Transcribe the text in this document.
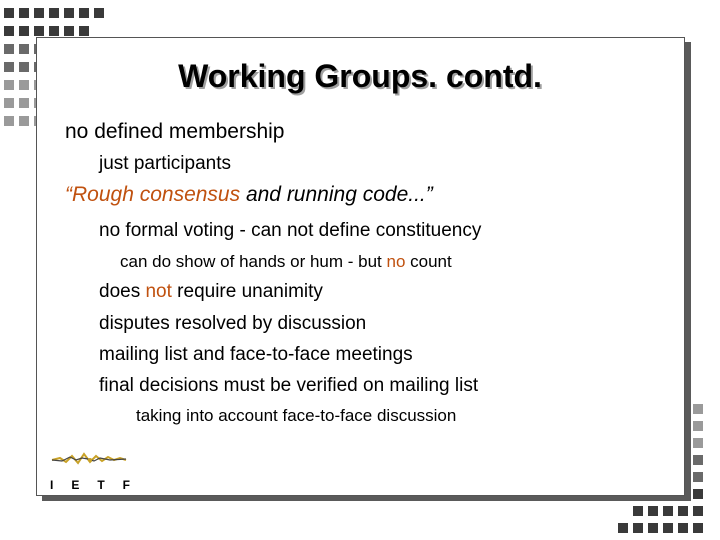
Working Groups. contd.
no defined membership
just participants
“Rough consensus and running code...”
no formal voting - can not define constituency
can do show of hands or hum - but no count
does not require unanimity
disputes resolved by discussion
mailing list and face-to-face meetings
final decisions must be verified on mailing list
taking into account face-to-face discussion
I E T F
